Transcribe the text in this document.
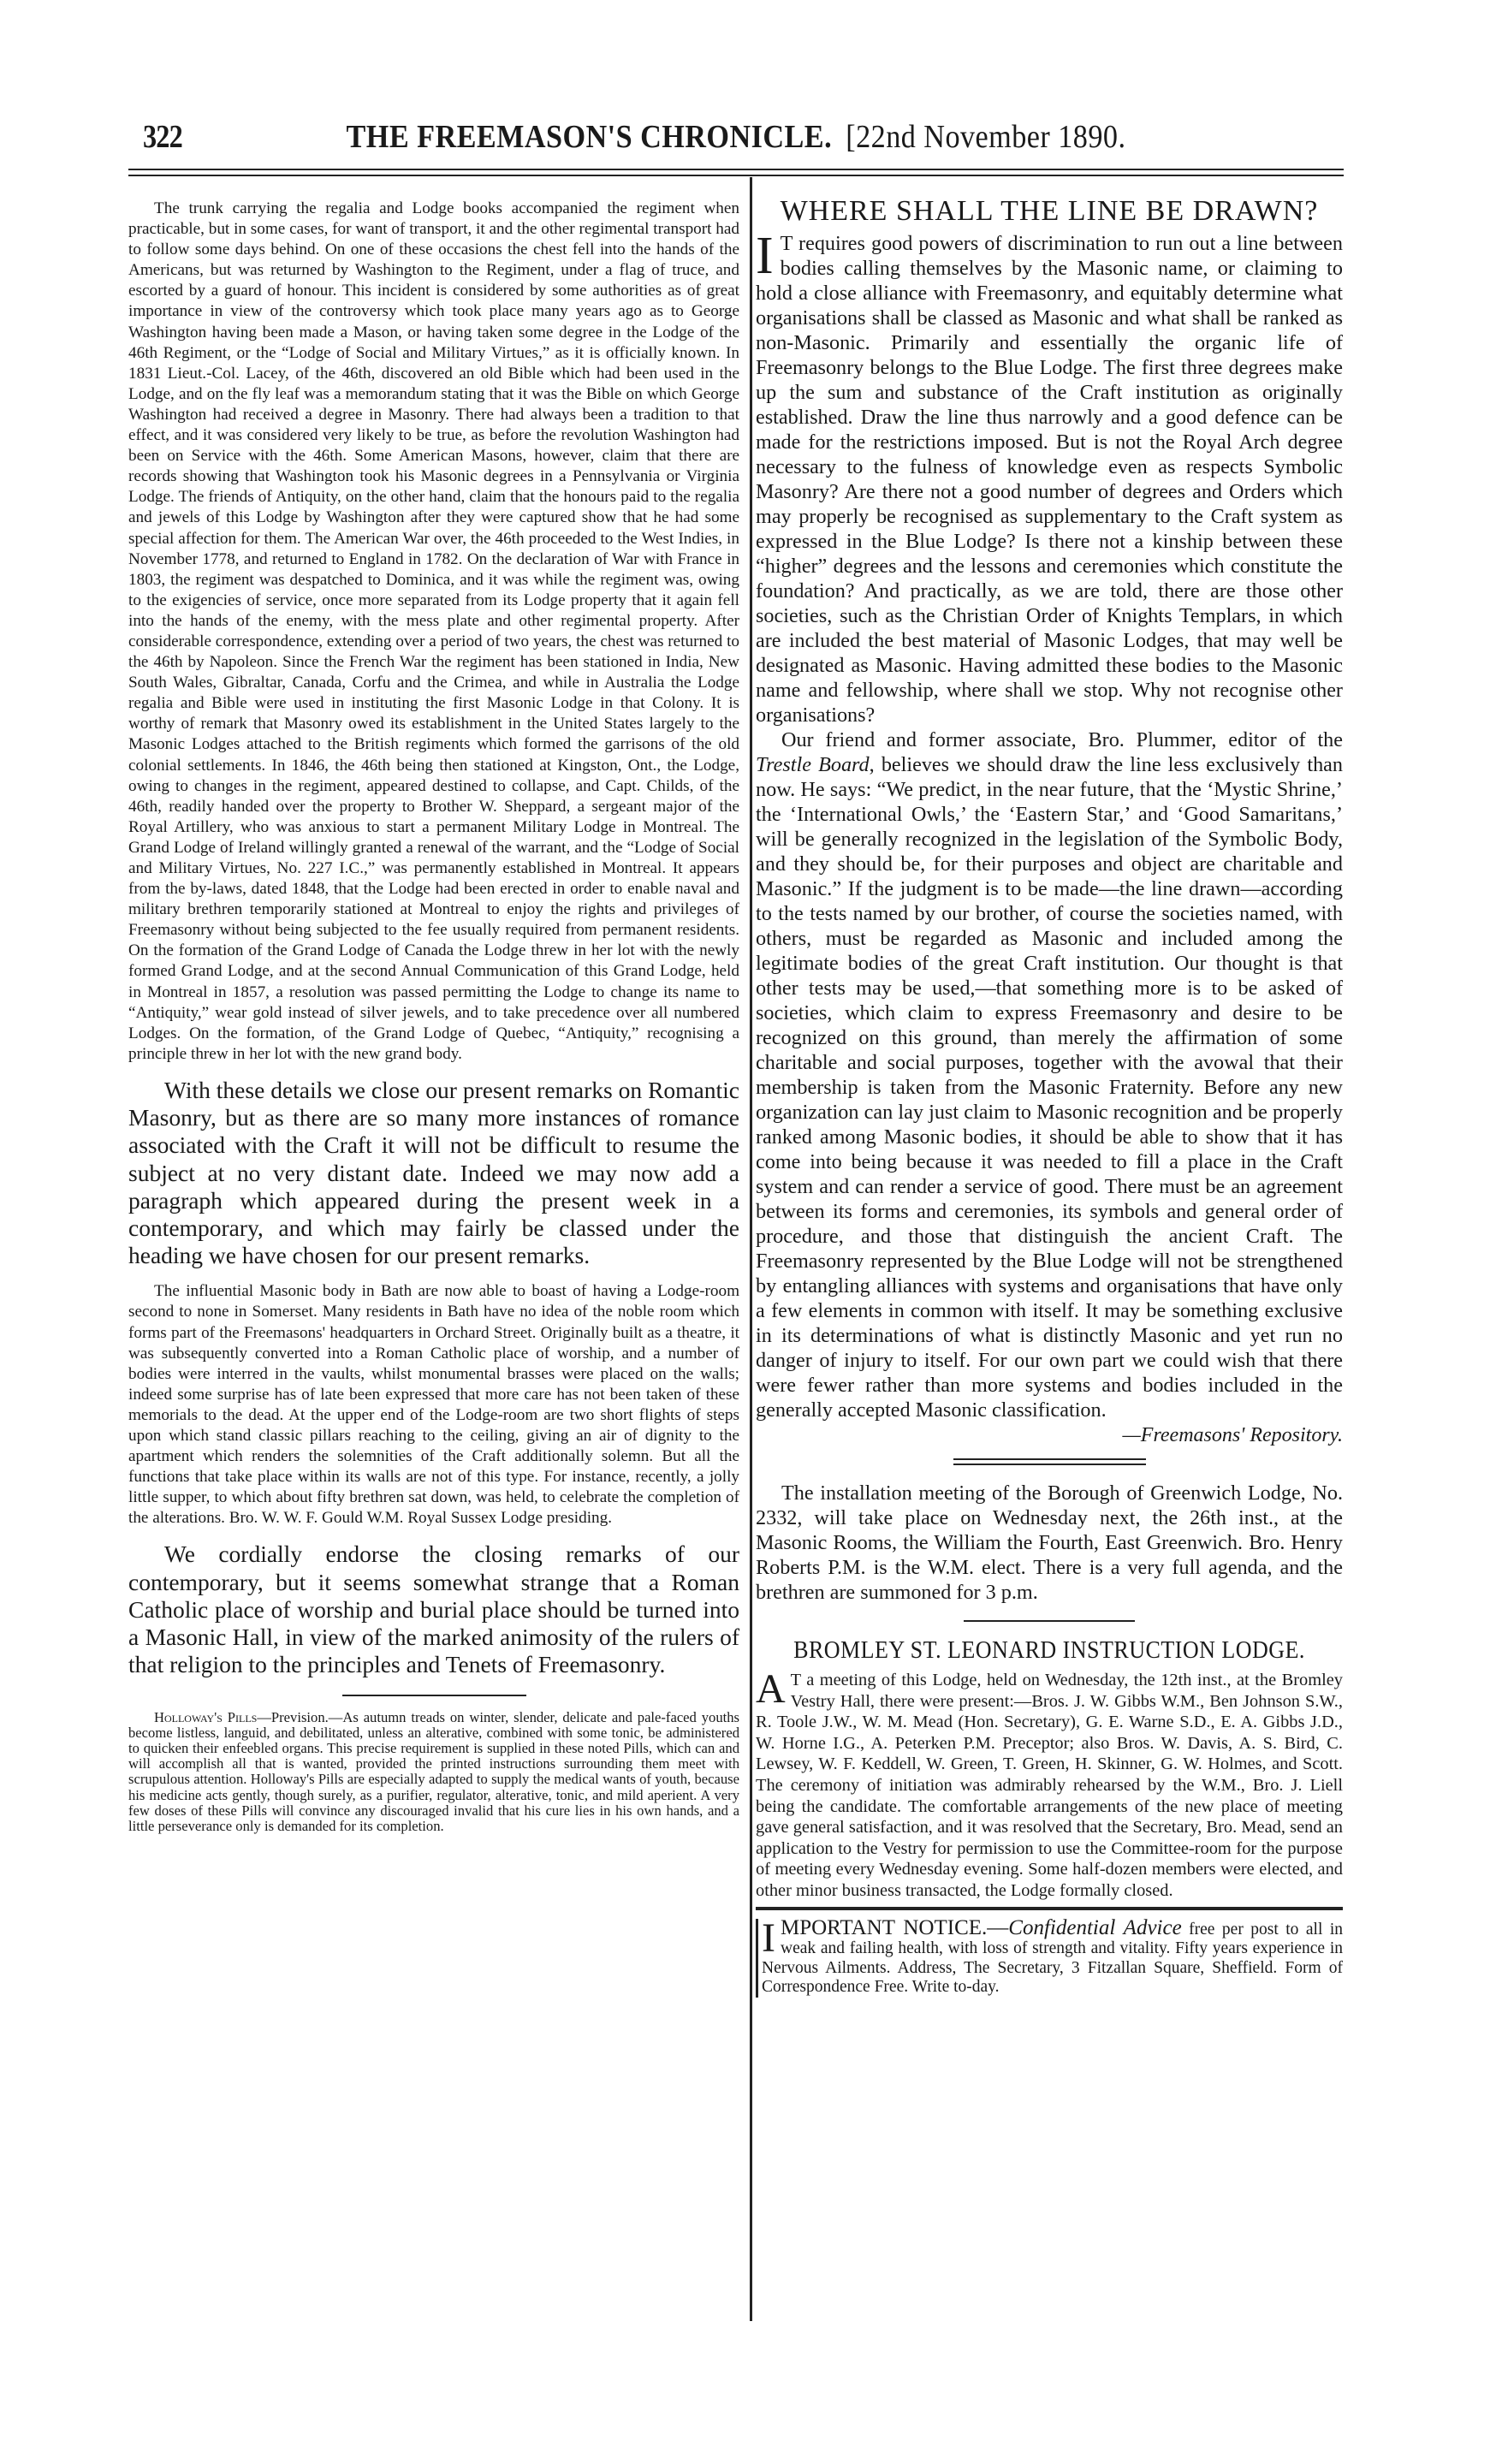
322	THE FREEMASON'S CHRONICLE. [22nd November 1890.

The trunk carrying the regalia and Lodge books accompanied the regiment when practicable, but in some cases, for want of transport, it and the other regimental transport had to follow some days behind. On one of these occasions the chest fell into the hands of the Americans, but was returned by Washington to the Regiment, under a flag of truce, and escorted by a guard of honour. This incident is considered by some authorities as of great importance in view of the controversy which took place many years ago as to George Washington having been made a Mason, or having taken some degree in the Lodge of the 46th Regiment, or the “Lodge of Social and Military Virtues,” as it is officially known. In 1831 Lieut.-Col. Lacey, of the 46th, discovered an old Bible which had been used in the Lodge, and on the fly leaf was a memorandum stating that it was the Bible on which George Washington had received a degree in Masonry. There had always been a tradition to that effect, and it was considered very likely to be true, as before the revolution Washington had been on Service with the 46th. Some American Masons, however, claim that there are records showing that Washington took his Masonic degrees in a Pennsylvania or Virginia Lodge. The friends of Antiquity, on the other hand, claim that the honours paid to the regalia and jewels of this Lodge by Washington after they were captured show that he had some special affection for them. The American War over, the 46th proceeded to the West Indies, in November 1778, and returned to England in 1782. On the declaration of War with France in 1803, the regiment was despatched to Dominica, and it was while the regiment was, owing to the exigencies of service, once more separated from its Lodge property that it again fell into the hands of the enemy, with the mess plate and other regimental property. After considerable correspondence, extending over a period of two years, the chest was returned to the 46th by Napoleon. Since the French War the regiment has been stationed in India, New South Wales, Gibraltar, Canada, Corfu and the Crimea, and while in Australia the Lodge regalia and Bible were used in instituting the first Masonic Lodge in that Colony. It is worthy of remark that Masonry owed its establishment in the United States largely to the Masonic Lodges attached to the British regiments which formed the garrisons of the old colonial settlements. In 1846, the 46th being then stationed at Kingston, Ont., the Lodge, owing to changes in the regiment, appeared destined to collapse, and Capt. Childs, of the 46th, readily handed over the property to Brother W. Sheppard, a sergeant major of the Royal Artillery, who was anxious to start a permanent Military Lodge in Montreal. The Grand Lodge of Ireland willingly granted a renewal of the warrant, and the “Lodge of Social and Military Virtues, No. 227 I.C.,” was permanently established in Montreal. It appears from the by-laws, dated 1848, that the Lodge had been erected in order to enable naval and military brethren temporarily stationed at Montreal to enjoy the rights and privileges of Freemasonry without being subjected to the fee usually required from permanent residents. On the formation of the Grand Lodge of Canada the Lodge threw in her lot with the newly formed Grand Lodge, and at the second Annual Communication of this Grand Lodge, held in Montreal in 1857, a resolution was passed permitting the Lodge to change its name to “Antiquity,” wear gold instead of silver jewels, and to take precedence over all numbered Lodges. On the formation, of the Grand Lodge of Quebec, “Antiquity,” recognising a principle threw in her lot with the new grand body.

With these details we close our present remarks on Romantic Masonry, but as there are so many more instances of romance associated with the Craft it will not be difficult to resume the subject at no very distant date. Indeed we may now add a paragraph which appeared during the present week in a contemporary, and which may fairly be classed under the heading we have chosen for our present remarks.

The influential Masonic body in Bath are now able to boast of having a Lodge-room second to none in Somerset. Many residents in Bath have no idea of the noble room which forms part of the Freemasons' headquarters in Orchard Street. Originally built as a theatre, it was subsequently converted into a Roman Catholic place of worship, and a number of bodies were interred in the vaults, whilst monumental brasses were placed on the walls; indeed some surprise has of late been expressed that more care has not been taken of these memorials to the dead. At the upper end of the Lodge-room are two short flights of steps upon which stand classic pillars reaching to the ceiling, giving an air of dignity to the apartment which renders the solemnities of the Craft additionally solemn. But all the functions that take place within its walls are not of this type. For instance, recently, a jolly little supper, to which about fifty brethren sat down, was held, to celebrate the completion of the alterations. Bro. W. W. F. Gould W.M. Royal Sussex Lodge presiding.

We cordially endorse the closing remarks of our contemporary, but it seems somewhat strange that a Roman Catholic place of worship and burial place should be turned into a Masonic Hall, in view of the marked animosity of the rulers of that religion to the principles and Tenets of Freemasonry.

Holloway's Pills—Prevision.—As autumn treads on winter, slender, delicate and pale-faced youths become listless, languid, and debilitated, unless an alterative, combined with some tonic, be administered to quicken their enfeebled organs. This precise requirement is supplied in these noted Pills, which can and will accomplish all that is wanted, provided the printed instructions surrounding them meet with scrupulous attention. Holloway's Pills are especially adapted to supply the medical wants of youth, because his medicine acts gently, though surely, as a purifier, regulator, alterative, tonic, and mild aperient. A very few doses of these Pills will convince any discouraged invalid that his cure lies in his own hands, and a little perseverance only is demanded for its completion.

WHERE SHALL THE LINE BE DRAWN?

I T requires good powers of discrimination to run out a line between bodies calling themselves by the Masonic name, or claiming to hold a close alliance with Freemasonry, and equitably determine what organisations shall be classed as Masonic and what shall be ranked as non-Masonic. Primarily and essentially the organic life of Freemasonry belongs to the Blue Lodge. The first three degrees make up the sum and substance of the Craft institution as originally established. Draw the line thus narrowly and a good defence can be made for the restrictions imposed. But is not the Royal Arch degree necessary to the fulness of knowledge even as respects Symbolic Masonry? Are there not a good number of degrees and Orders which may properly be recognised as supplementary to the Craft system as expressed in the Blue Lodge? Is there not a kinship between these “higher” degrees and the lessons and ceremonies which constitute the foundation? And practically, as we are told, there are those other societies, such as the Christian Order of Knights Templars, in which are included the best material of Masonic Lodges, that may well be designated as Masonic. Having admitted these bodies to the Masonic name and fellowship, where shall we stop. Why not recognise other organisations?

Our friend and former associate, Bro. Plummer, editor of the Trestle Board, believes we should draw the line less exclusively than now. He says: “We predict, in the near future, that the ‘Mystic Shrine,’ the ‘International Owls,’ the ‘Eastern Star,’ and ‘Good Samaritans,’ will be generally recognized in the legislation of the Symbolic Body, and they should be, for their purposes and object are charitable and Masonic.” If the judgment is to be made—the line drawn—according to the tests named by our brother, of course the societies named, with others, must be regarded as Masonic and included among the legitimate bodies of the great Craft institution. Our thought is that other tests may be used,—that something more is to be asked of societies, which claim to express Freemasonry and desire to be recognized on this ground, than merely the affirmation of some charitable and social purposes, together with the avowal that their membership is taken from the Masonic Fraternity. Before any new organization can lay just claim to Masonic recognition and be properly ranked among Masonic bodies, it should be able to show that it has come into being because it was needed to fill a place in the Craft system and can render a service of good. There must be an agreement between its forms and ceremonies, its symbols and general order of procedure, and those that distinguish the ancient Craft. The Freemasonry represented by the Blue Lodge will not be strengthened by entangling alliances with systems and organisations that have only a few elements in common with itself. It may be something exclusive in its determinations of what is distinctly Masonic and yet run no danger of injury to itself. For our own part we could wish that there were fewer rather than more systems and bodies included in the generally accepted Masonic classification.

—Freemasons' Repository.

The installation meeting of the Borough of Greenwich Lodge, No. 2332, will take place on Wednesday next, the 26th inst., at the Masonic Rooms, the William the Fourth, East Greenwich. Bro. Henry Roberts P.M. is the W.M. elect. There is a very full agenda, and the brethren are summoned for 3 p.m.

BROMLEY ST. LEONARD INSTRUCTION LODGE.

A T a meeting of this Lodge, held on Wednesday, the 12th inst., at the Bromley Vestry Hall, there were present:—Bros. J. W. Gibbs W.M., Ben Johnson S.W., R. Toole J.W., W. M. Mead (Hon. Secretary), G. E. Warne S.D., E. A. Gibbs J.D., W. Horne I.G., A. Peterken P.M. Preceptor; also Bros. W. Davis, A. S. Bird, C. Lewsey, W. F. Keddell, W. Green, T. Green, H. Skinner, G. W. Holmes, and Scott. The ceremony of initiation was admirably rehearsed by the W.M., Bro. J. Liell being the candidate. The comfortable arrangements of the new place of meeting gave general satisfaction, and it was resolved that the Secretary, Bro. Mead, send an application to the Vestry for permission to use the Committee-room for the purpose of meeting every Wednesday evening. Some half-dozen members were elected, and other minor business transacted, the Lodge formally closed.

IMPORTANT NOTICE.—Confidential Advice free per post to all in weak and failing health, with loss of strength and vitality. Fifty years experience in Nervous Ailments. Address, The Secretary, 3 Fitzallan Square, Sheffield. Form of Correspondence Free. Write to-day.
